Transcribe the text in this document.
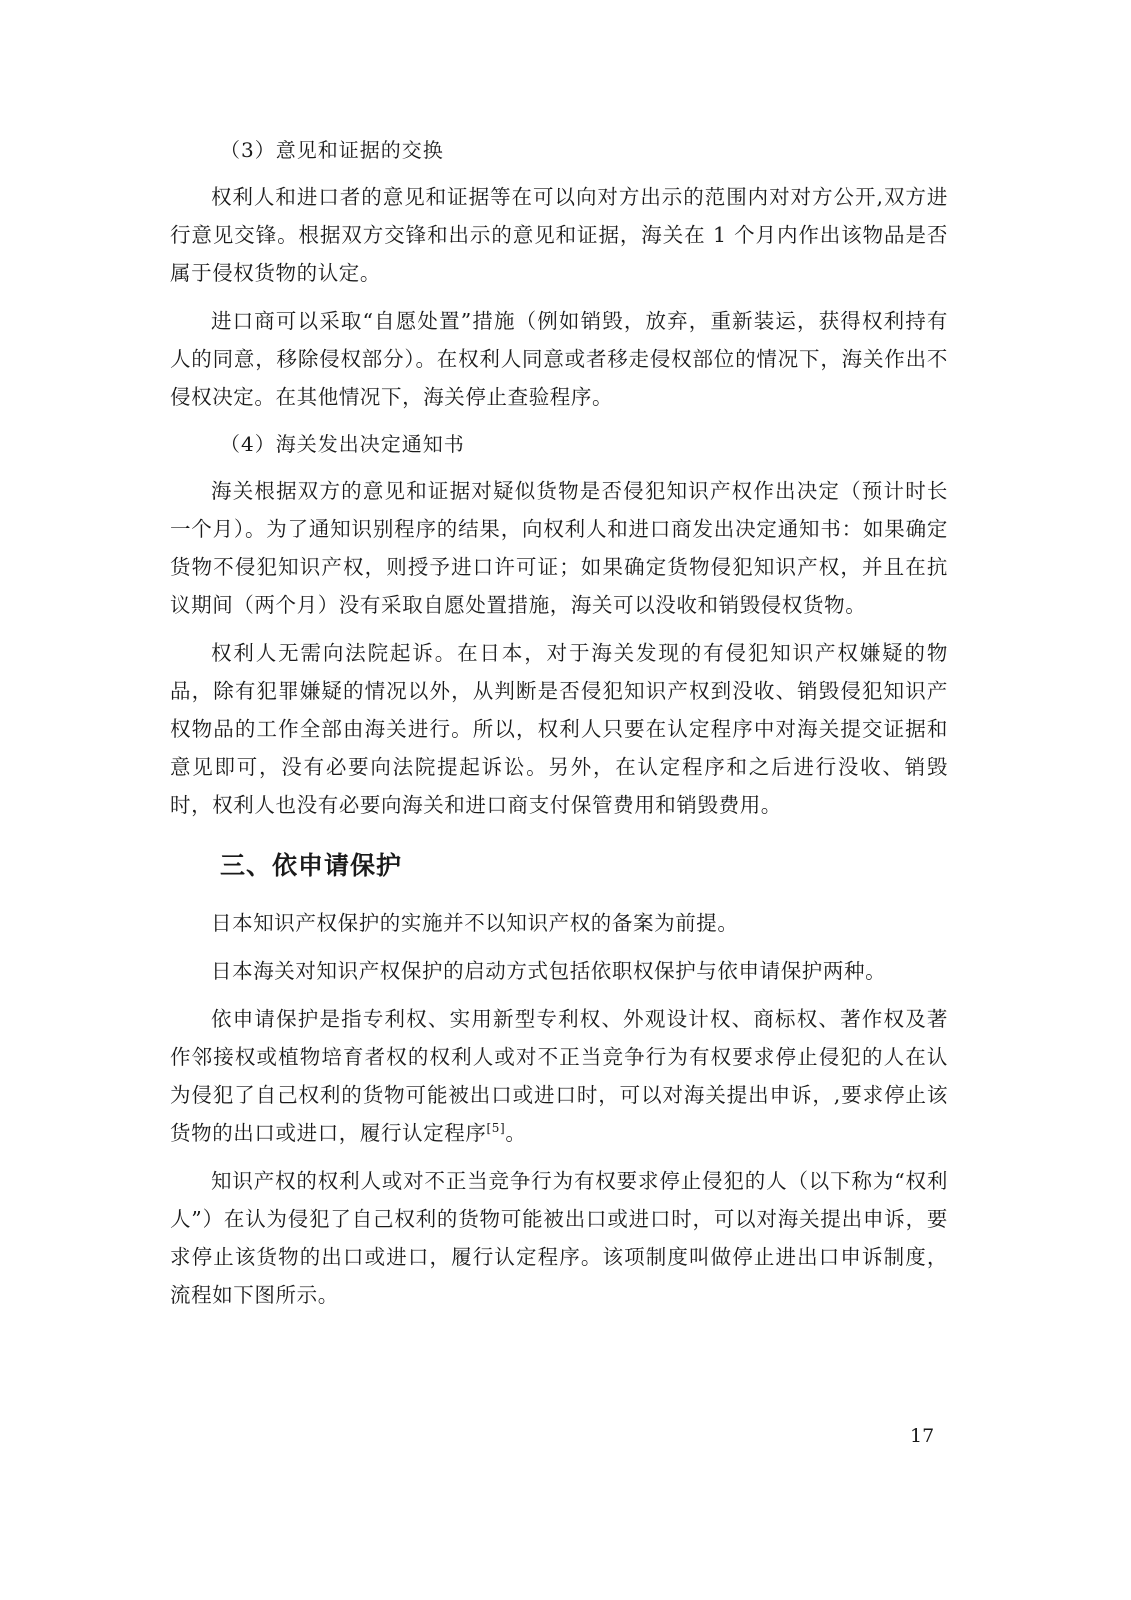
（3）意见和证据的交换

权利人和进口者的意见和证据等在可以向对方出示的范围内对对方公开,双方进行意见交锋。根据双方交锋和出示的意见和证据，海关在 1 个月内作出该物品是否属于侵权货物的认定。

进口商可以采取“自愿处置”措施（例如销毁，放弃，重新装运，获得权利持有人的同意，移除侵权部分）。在权利人同意或者移走侵权部位的情况下，海关作出不侵权决定。在其他情况下，海关停止查验程序。

（4）海关发出决定通知书

海关根据双方的意见和证据对疑似货物是否侵犯知识产权作出决定（预计时长一个月）。为了通知识别程序的结果，向权利人和进口商发出决定通知书：如果确定货物不侵犯知识产权，则授予进口许可证；如果确定货物侵犯知识产权，并且在抗议期间（两个月）没有采取自愿处置措施，海关可以没收和销毁侵权货物。

权利人无需向法院起诉。在日本，对于海关发现的有侵犯知识产权嫌疑的物品，除有犯罪嫌疑的情况以外，从判断是否侵犯知识产权到没收、销毁侵犯知识产权物品的工作全部由海关进行。所以，权利人只要在认定程序中对海关提交证据和意见即可，没有必要向法院提起诉讼。另外，在认定程序和之后进行没收、销毁时，权利人也没有必要向海关和进口商支付保管费用和销毁费用。

三、依申请保护

日本知识产权保护的实施并不以知识产权的备案为前提。

日本海关对知识产权保护的启动方式包括依职权保护与依申请保护两种。

依申请保护是指专利权、实用新型专利权、外观设计权、商标权、著作权及著作邻接权或植物培育者权的权利人或对不正当竞争行为有权要求停止侵犯的人在认为侵犯了自己权利的货物可能被出口或进口时，可以对海关提出申诉，,要求停止该货物的出口或进口，履行认定程序[5]。

知识产权的权利人或对不正当竞争行为有权要求停止侵犯的人（以下称为“权利人”）在认为侵犯了自己权利的货物可能被出口或进口时，可以对海关提出申诉，要求停止该货物的出口或进口，履行认定程序。该项制度叫做停止进出口申诉制度，流程如下图所示。

17
